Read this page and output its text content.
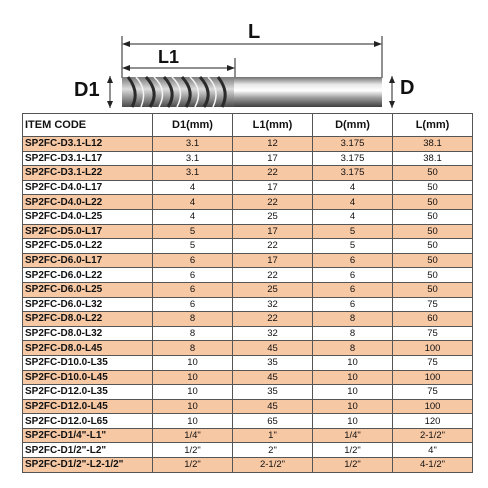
L
L1
D1	D
ITEM CODE	D1(mm)	L1(mm)	D(mm)	L(mm)
SP2FC-D3.1-L12	3.1	12	3.175	38.1
SP2FC-D3.1-L17	3.1	17	3.175	38.1
SP2FC-D3.1-L22	3.1	22	3.175	50
SP2FC-D4.0-L17	4	17	4	50
SP2FC-D4.0-L22	4	22	4	50
SP2FC-D4.0-L25	4	25	4	50
SP2FC-D5.0-L17	5	17	5	50
SP2FC-D5.0-L22	5	22	5	50
SP2FC-D6.0-L17	6	17	6	50
SP2FC-D6.0-L22	6	22	6	50
SP2FC-D6.0-L25	6	25	6	50
SP2FC-D6.0-L32	6	32	6	75
SP2FC-D8.0-L22	8	22	8	60
SP2FC-D8.0-L32	8	32	8	75
SP2FC-D8.0-L45	8	45	8	100
SP2FC-D10.0-L35	10	35	10	75
SP2FC-D10.0-L45	10	45	10	100
SP2FC-D12.0-L35	10	35	10	75
SP2FC-D12.0-L45	10	45	10	100
SP2FC-D12.0-L65	10	65	10	120
SP2FC-D1/4"-L1"	1/4"	1"	1/4"	2-1/2"
SP2FC-D1/2"-L2"	1/2"	2"	1/2"	4"
SP2FC-D1/2"-L2-1/2"	1/2"	2-1/2"	1/2"	4-1/2"
